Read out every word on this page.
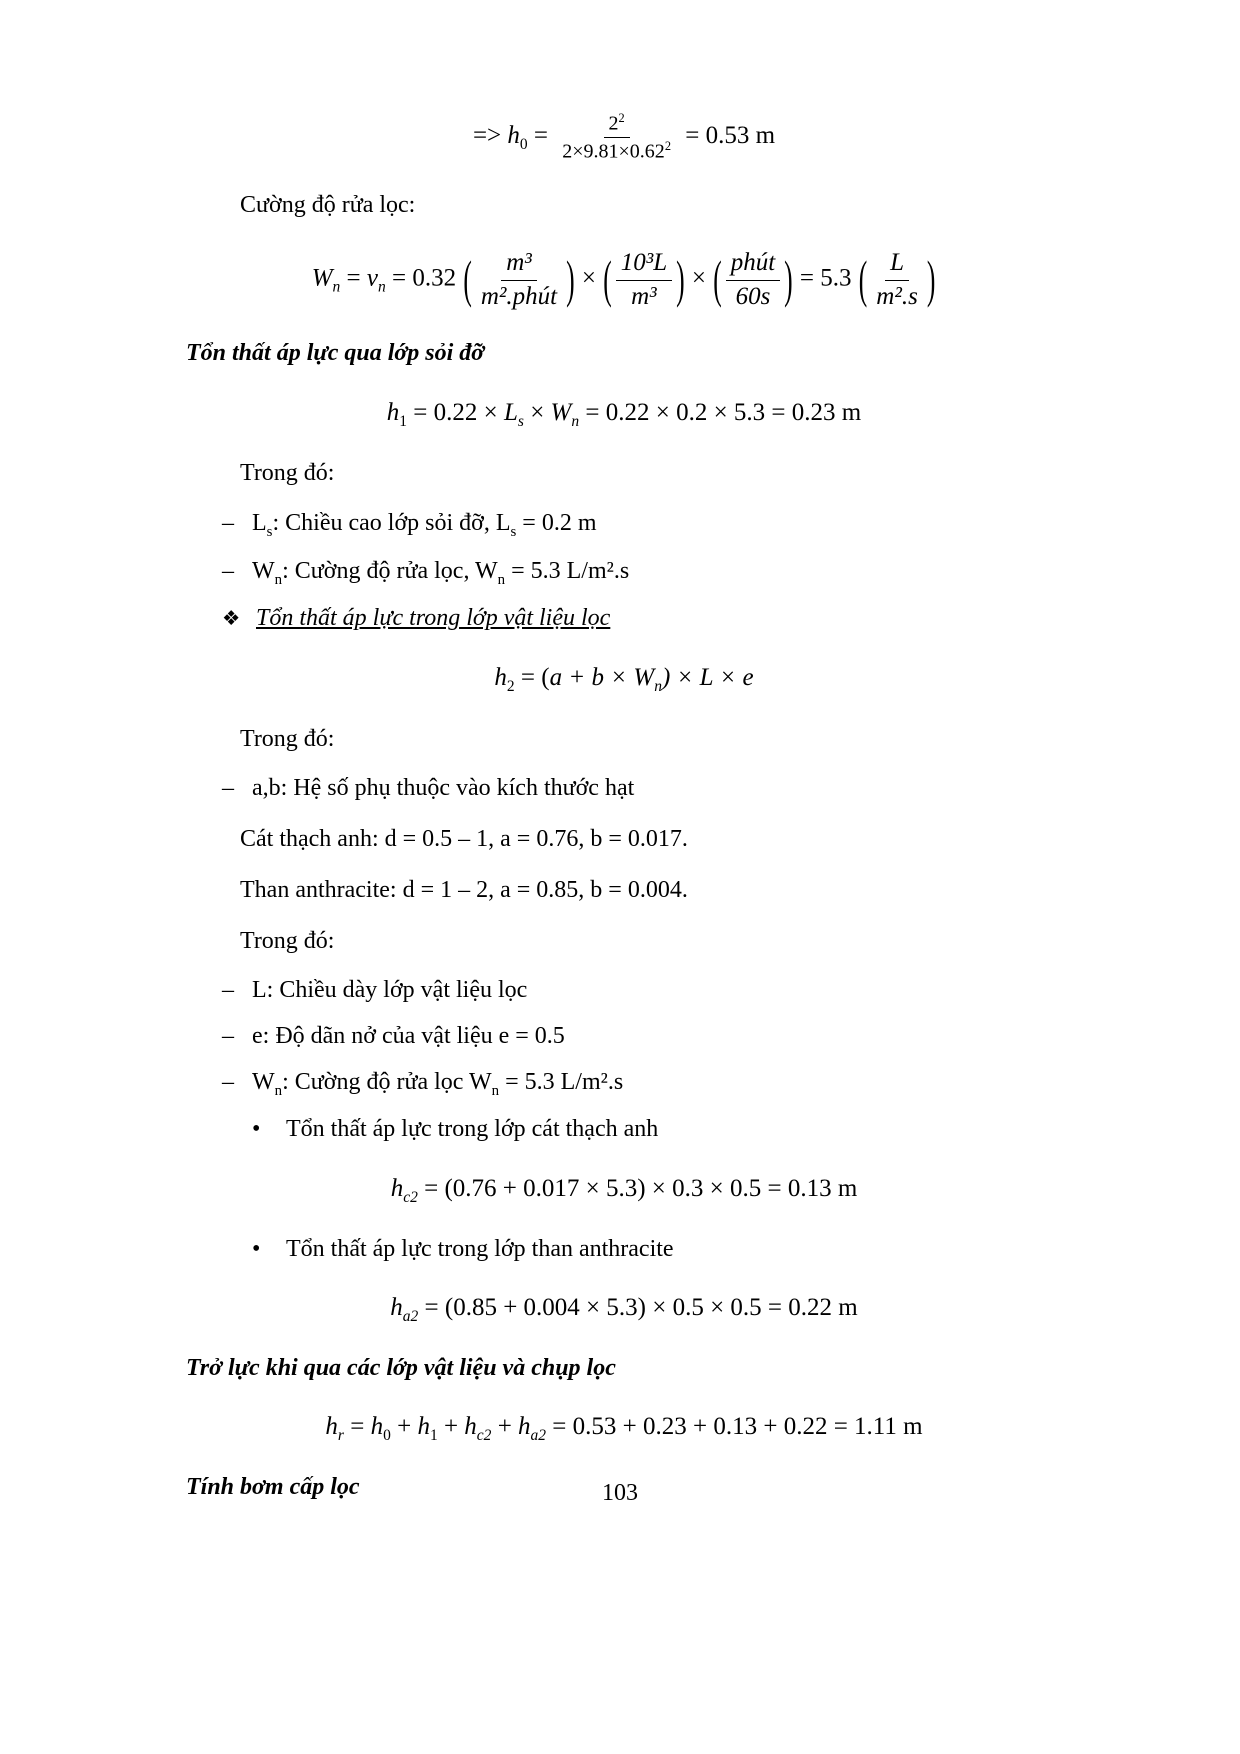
=> $h_0 = \frac{2^2}{2\times 9.81\times 0.62^2} = 0.53$ m
Cường độ rửa lọc:
$W_n = v_n = 0.32$ ( $\frac{\text{m³}}{\text{m².phút}}$ ) × ( $\frac{\text{10³L}}{\text{m³}}$ ) × ( $\frac{\text{phút}}{60s}$ ) = 5.3 ( $\frac{L}{\text{m².s}}$ )
Tổn thất áp lực qua lớp sỏi đỡ
$h_1 = 0.22 \times L_s \times W_n = 0.22 \times 0.2 \times 5.3 = 0.23$ m
Trong đó:
– $L_s$: Chiều cao lớp sỏi đỡ, $L_s = 0.2$ m
– $W_n$: Cường độ rửa lọc, $W_n = 5.3$ L/m².s
❖ Tổn thất áp lực trong lớp vật liệu lọc
$h_2 = (a + b \times W_n) \times L \times e$
Trong đó:
– a,b: Hệ số phụ thuộc vào kích thước hạt
Cát thạch anh: d = 0.5 – 1, a = 0.76, b = 0.017.
Than anthracite: d = 1 – 2, a = 0.85, b = 0.004.
Trong đó:
– L: Chiều dày lớp vật liệu lọc
– e: Độ dãn nở của vật liệu e = 0.5
– $W_n$: Cường độ rửa lọc $W_n = 5.3$ L/m².s
•	Tổn thất áp lực trong lớp cát thạch anh
$h_{c2} = (0.76 + 0.017 \times 5.3) \times 0.3 \times 0.5 = 0.13$ m
•	Tổn thất áp lực trong lớp than anthracite
$h_{a2} = (0.85 + 0.004 \times 5.3) \times 0.5 \times 0.5 = 0.22$ m
Trở lực khi qua các lớp vật liệu và chụp lọc
$h_r = h_0 + h_1 + h_{c2} + h_{a2} = 0.53 + 0.23 + 0.13 + 0.22 = 1.11$ m
Tính bơm cấp lọc	103
